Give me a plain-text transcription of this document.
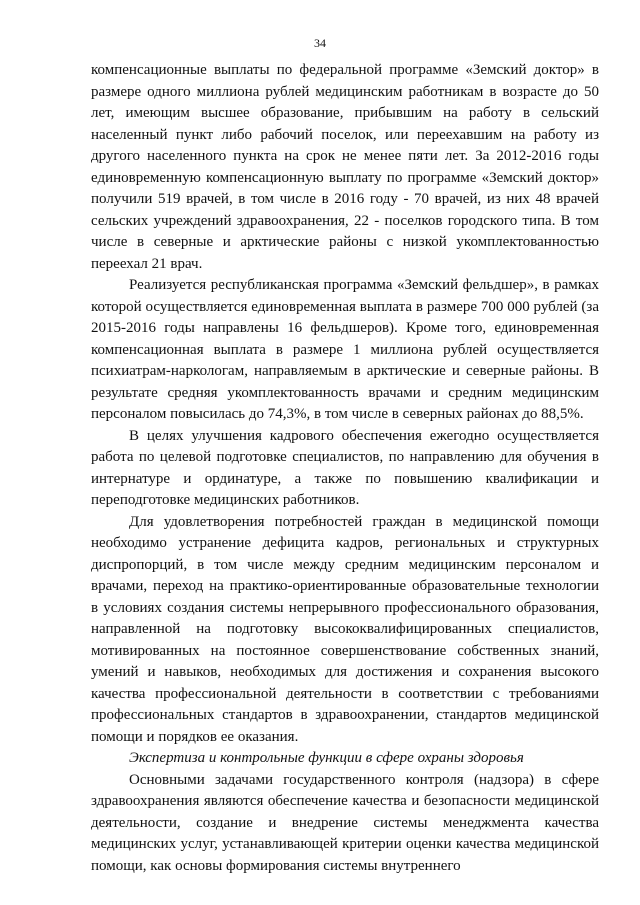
34

компенсационные выплаты по федеральной программе «Земский доктор» в размере одного миллиона рублей медицинским работникам в возрасте до 50 лет, имеющим высшее образование, прибывшим на работу в сельский населенный пункт либо рабочий поселок, или переехавшим на работу из другого населенного пункта на срок не менее пяти лет. За 2012-2016 годы единовременную компенсационную выплату по программе «Земский доктор» получили 519 врачей, в том числе в 2016 году - 70 врачей, из них 48 врачей сельских учреждений здравоохранения, 22 - поселков городского типа. В том числе в северные и арктические районы с низкой укомплектованностью переехал 21 врач.

Реализуется республиканская программа «Земский фельдшер», в рамках которой осуществляется единовременная выплата в размере 700 000 рублей (за 2015-2016 годы направлены 16 фельдшеров). Кроме того, единовременная компенсационная выплата в размере 1 миллиона рублей осуществляется психиатрам-наркологам, направляемым в арктические и северные районы. В результате средняя укомплектованность врачами и средним медицинским персоналом повысилась до 74,3%, в том числе в северных районах до 88,5%.

В целях улучшения кадрового обеспечения ежегодно осуществляется работа по целевой подготовке специалистов, по направлению для обучения в интернатуре и ординатуре, а также по повышению квалификации и переподготовке медицинских работников.

Для удовлетворения потребностей граждан в медицинской помощи необходимо устранение дефицита кадров, региональных и структурных диспропорций, в том числе между средним медицинским персоналом и врачами, переход на практико-ориентированные образовательные технологии в условиях создания системы непрерывного профессионального образования, направленной на подготовку высококвалифицированных специалистов, мотивированных на постоянное совершенствование собственных знаний, умений и навыков, необходимых для достижения и сохранения высокого качества профессиональной деятельности в соответствии с требованиями профессиональных стандартов в здравоохранении, стандартов медицинской помощи и порядков ее оказания.

Экспертиза и контрольные функции в сфере охраны здоровья

Основными задачами государственного контроля (надзора) в сфере здравоохранения являются обеспечение качества и безопасности медицинской деятельности, создание и внедрение системы менеджмента качества медицинских услуг, устанавливающей критерии оценки качества медицинской помощи, как основы формирования системы внутреннего
